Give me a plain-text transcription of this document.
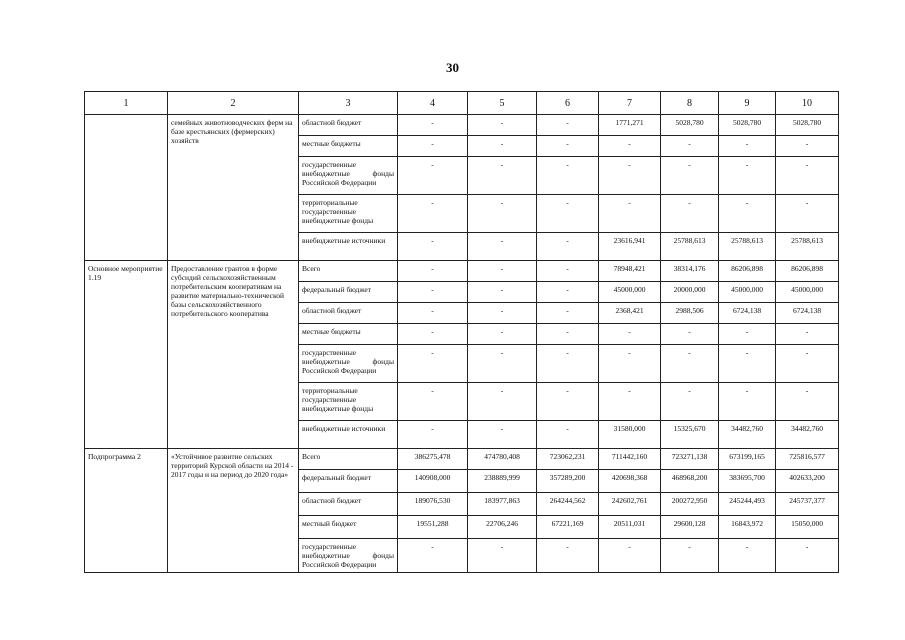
30
1	2	3	4	5	6	7	8	9	10
	семейных животноводческих ферм на базе крестьянских (фермерских) хозяйств	областной бюджет	-	-	-	1771,271	5028,780	5028,780	5028,780
		местные бюджеты	-	-	-	-	-	-	-
		государственные внебюджетные фонды Российской Федерации	-	-	-	-	-	-	-
		территориальные государственные внебюджетные фонды	-	-	-	-	-	-	-
		внебюджетные источники	-	-	-	23616,941	25788,613	25788,613	25788,613
Основное мероприятие 1.19	Предоставление грантов в форме субсидий сельскохозяйственным потребительским кооперативам на развитие материально-технической базы сельскохозяйственного потребительского кооператива	Всего	-	-	-	78948,421	38314,176	86206,898	86206,898
		федеральный бюджет	-	-	-	45000,000	20000,000	45000,000	45000,000
		областной бюджет	-	-	-	2368,421	2988,506	6724,138	6724,138
		местные бюджеты	-	-	-	-	-	-	-
		государственные внебюджетные фонды Российской Федерации	-	-	-	-	-	-	-
		территориальные государственные внебюджетные фонды	-	-	-	-	-	-	-
		внебюджетные источники	-	-	-	31580,000	15325,670	34482,760	34482,760
Подпрограмма 2	«Устойчивое развитие сельских территорий Курской области на 2014 - 2017 годы и на период до 2020 года»	Всего	386275,478	474780,408	723062,231	711442,160	723271,138	673199,165	725816,577
		федеральный бюджет	140908,000	238889,999	357289,200	420698,368	468968,200	383695,700	402633,200
		областной бюджет	189076,530	183977,863	264244,562	242602,761	200272,950	245244,493	245737,377
		местный бюджет	19551,288	22706,246	67221,169	20511,031	29600,128	16843,972	15050,000
		государственные внебюджетные фонды Российской Федерации	-	-	-	-	-	-	-
